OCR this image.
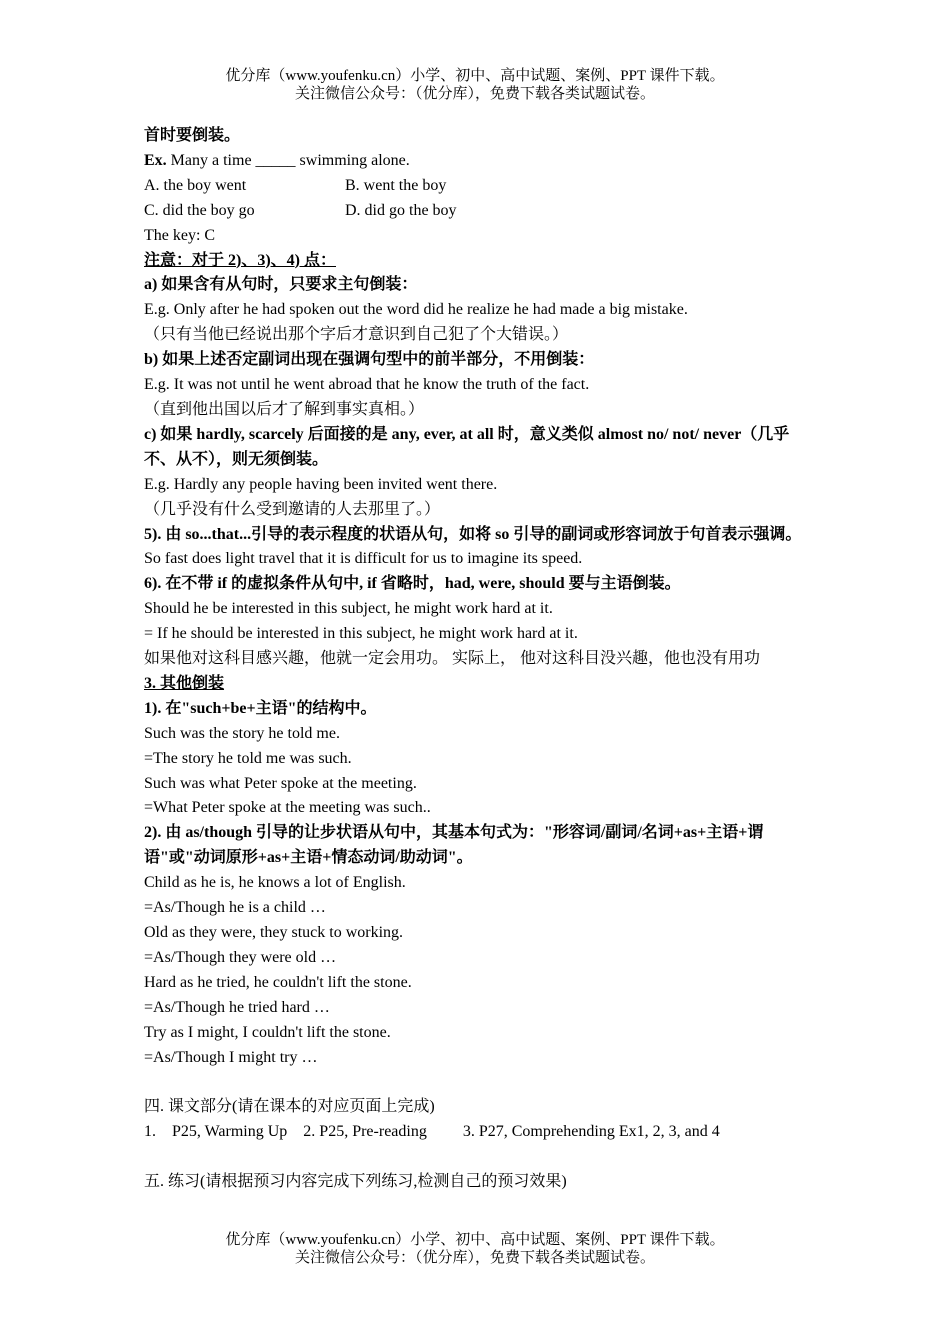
优分库（www.youfenku.cn）小学、初中、高中试题、案例、PPT 课件下载。
关注微信公众号：（优分库），免费下载各类试题试卷。
首时要倒装。
Ex. Many a time _____ swimming alone.
A. the boy went	B. went the boy
C. did the boy go	D. did go the boy
The key: C
注意：对于 2)、3)、4) 点：
a) 如果含有从句时，只要求主句倒装：
E.g. Only after he had spoken out the word did he realize he had made a big mistake.
（只有当他已经说出那个字后才意识到自己犯了个大错误。）
b) 如果上述否定副词出现在强调句型中的前半部分，不用倒装：
E.g. It was not until he went abroad that he know the truth of the fact.
（直到他出国以后才了解到事实真相。）
c) 如果 hardly, scarcely 后面接的是 any, ever, at all 时，意义类似 almost no/ not/ never（几乎不、从不），则无须倒装。
E.g. Hardly any people having been invited went there.
（几乎没有什么受到邀请的人去那里了。）
5). 由 so...that...引导的表示程度的状语从句，如将 so 引导的副词或形容词放于句首表示强调。
So fast does light travel that it is difficult for us to imagine its speed.
6). 在不带 if 的虚拟条件从句中, if 省略时，had, were, should 要与主语倒装。
Should he be interested in this subject, he might work hard at it.
= If he should be interested in this subject, he might work hard at it.
如果他对这科目感兴趣，他就一定会用功。 实际上， 他对这科目没兴趣，他也没有用功
3. 其他倒装
1). 在"such+be+主语"的结构中。
Such was the story he told me.
=The story he told me was such.
Such was what Peter spoke at the meeting.
=What Peter spoke at the meeting was such..
2). 由 as/though 引导的让步状语从句中，其基本句式为："形容词/副词/名词+as+主语+谓语"或"动词原形+as+主语+情态动词/助动词"。
Child as he is, he knows a lot of English.
=As/Though he is a child …
Old as they were, they stuck to working.
=As/Though they were old …
Hard as he tried, he couldn't lift the stone.
=As/Though he tried hard …
Try as I might, I couldn't lift the stone.
=As/Though I might try …
四. 课文部分(请在课本的对应页面上完成)
1.    P25, Warming Up    2. P25, Pre-reading         3. P27, Comprehending Ex1, 2, 3, and 4
五. 练习(请根据预习内容完成下列练习,检测自己的预习效果)
优分库（www.youfenku.cn）小学、初中、高中试题、案例、PPT 课件下载。
关注微信公众号：（优分库），免费下载各类试题试卷。
